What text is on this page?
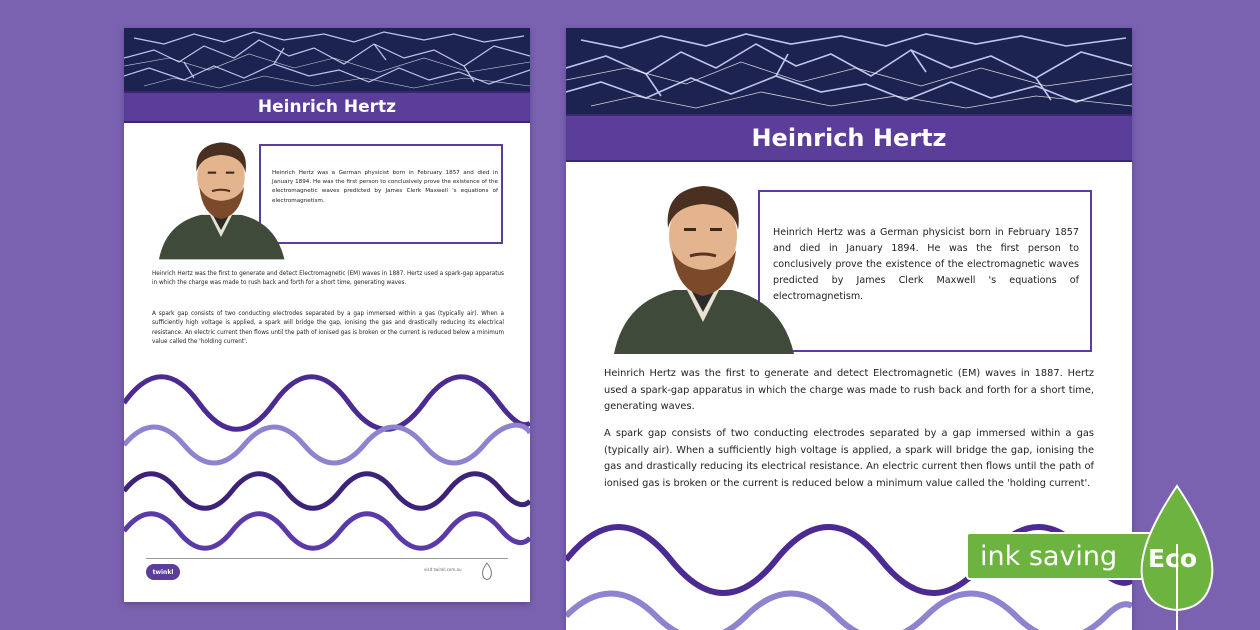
Heinrich Hertz
Heinrich Hertz was a German physicist born in February 1857 and died in January 1894. He was the first person to conclusively prove the existence of the electromagnetic waves predicted by James Clerk Maxwell 's equations of electromagnetism.

Heinrich Hertz was the first to generate and detect Electromagnetic (EM) waves in 1887. Hertz used a spark-gap apparatus in which the charge was made to rush back and forth for a short time, generating waves.

A spark gap consists of two conducting electrodes separated by a gap immersed within a gas (typically air). When a sufficiently high voltage is applied, a spark will bridge the gap, ionising the gas and drastically reducing its electrical resistance. An electric current then flows until the path of ionised gas is broken or the current is reduced below a minimum value called the 'holding current'.

twinkl	visit twinkl.com.au
Heinrich Hertz
Heinrich Hertz was a German physicist born in February 1857 and died in January 1894. He was the first person to conclusively prove the existence of the electromagnetic waves predicted by James Clerk Maxwell 's equations of electromagnetism.

Heinrich Hertz was the first to generate and detect Electromagnetic (EM) waves in 1887. Hertz used a spark-gap apparatus in which the charge was made to rush back and forth for a short time, generating waves.

A spark gap consists of two conducting electrodes separated by a gap immersed within a gas (typically air). When a sufficiently high voltage is applied, a spark will bridge the gap, ionising the gas and drastically reducing its electrical resistance. An electric current then flows until the path of ionised gas is broken or the current is reduced below a minimum value called the 'holding current'.

ink saving Eco
